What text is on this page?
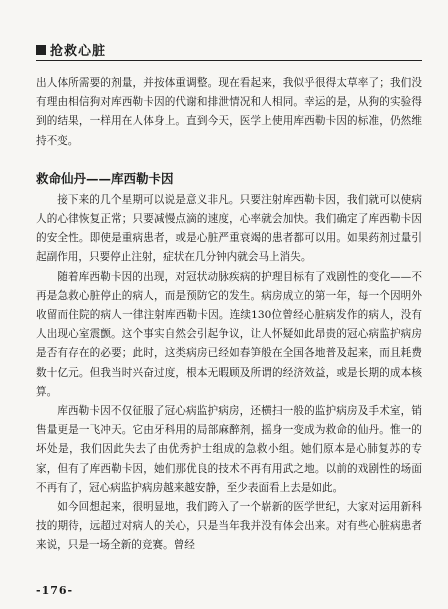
抢救心脏

出人体所需要的剂量，并按体重调整。现在看起来，我似乎很得太草率了；我们没有理由相信狗对库西勒卡因的代谢和排泄情况和人相同。幸运的是，从狗的实验得到的结果，一样用在人体身上。直到今天，医学上使用库西勒卡因的标准，仍然维持不变。

救命仙丹——库西勒卡因

接下来的几个星期可以说是意义非凡。只要注射库西勒卡因，我们就可以使病人的心律恢复正常；只要减慢点滴的速度，心率就会加快。我们确定了库西勒卡因的安全性。即使是重病患者，或是心脏严重衰竭的患者都可以用。如果药剂过量引起副作用，只要停止注射，症状在几分钟内就会马上消失。

随着库西勒卡因的出现，对冠状动脉疾病的护理目标有了戏剧性的变化——不再是急救心脏停止的病人，而是预防它的发生。病房成立的第一年，每一个因明外收留而住院的病人一律注射库西勒卡因。连续130位曾经心脏病发作的病人，没有人出现心室震颤。这个事实自然会引起争议，让人怀疑如此昂贵的冠心病监护病房是否有存在的必要；此时，这类病房已经如春笋般在全国各地普及起来，而且耗费数十亿元。但我当时兴奋过度，根本无暇顾及所谓的经济效益，或是长期的成本核算。

库西勒卡因不仅征服了冠心病监护病房，还横扫一般的监护病房及手术室，销售量更是一飞冲天。它由牙科用的局部麻醉剂，摇身一变成为救命的仙丹。惟一的坏处是，我们因此失去了由优秀护士组成的急救小组。她们原本是心肺复苏的专家，但有了库西勒卡因，她们那优良的技术不再有用武之地。以前的戏剧性的场面不再有了，冠心病监护病房越来越安静，至少表面看上去是如此。

如今回想起来，很明显地，我们跨入了一个崭新的医学世纪，大家对运用新科技的期待，远超过对病人的关心，只是当年我并没有体会出来。对有些心脏病患者来说，只是一场全新的竞赛。曾经

-176-
